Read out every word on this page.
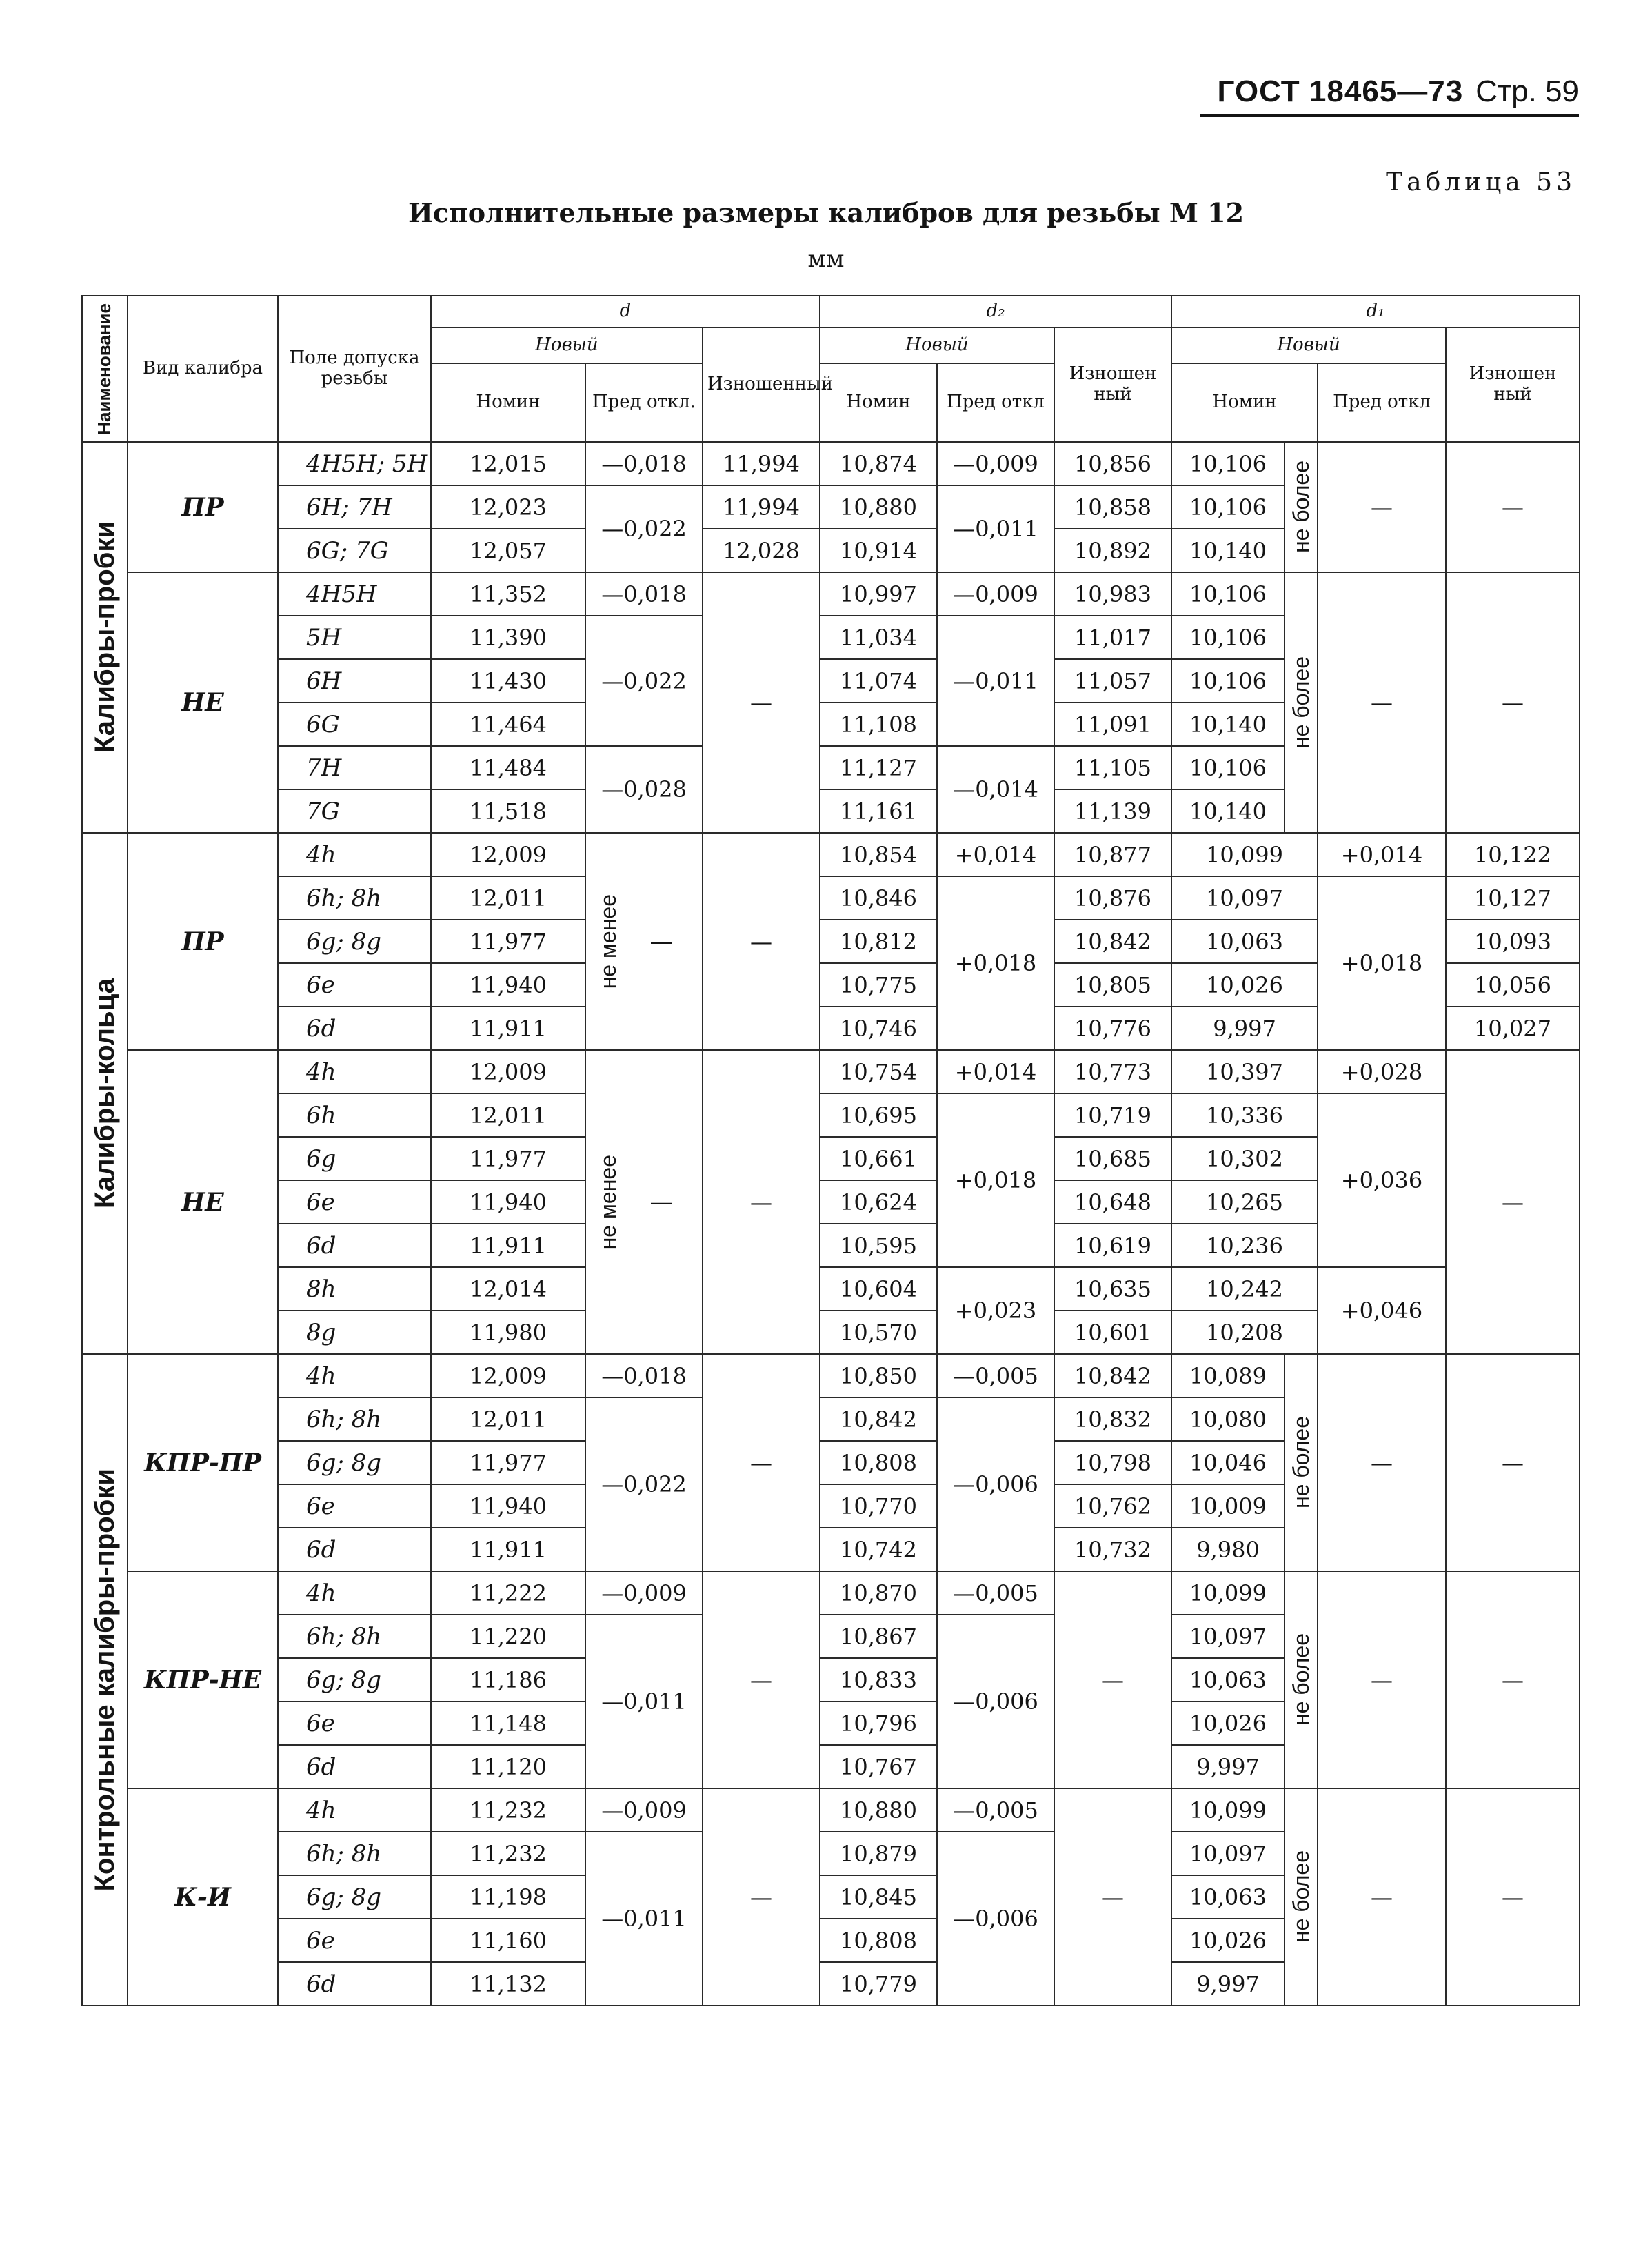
ГОСТ 18465—73 Стр. 59
Таблица 53
Исполнительные размеры калибров для резьбы М 12
мм
Наименование	Вид калибра	Поле допуска резьбы	d			d₂			d₁			
			Новый		Изношенный	Новый		Изношен ный	Новый			Изношен ный
			Номин	Пред откл.		Номин	Пред откл		Номин		Пред откл	

Калибры-пробки	ПР	4H5H; 5H	12,015	—0,018	11,994	10,874	—0,009	10,856	10,106	не более	—	—
		6H; 7H	12,023	—0,022	11,994	10,880	—0,011	10,858	10,106			
		6G; 7G	12,057		12,028	10,914		10,892	10,140			
	НЕ	4H5H	11,352	—0,018	—	10,997	—0,009	10,983	10,106	не более	—	—
		5H	11,390	—0,022		11,034	—0,011	11,017	10,106			
		6H	11,430			11,074		11,057	10,106			
		6G	11,464			11,108		11,091	10,140			
		7H	11,484	—0,028		11,127	—0,014	11,105	10,106			
		7G	11,518			11,161		11,139	10,140			

Калибры-кольца	ПР	4h	12,009	не менее —	—	10,854	+0,014	10,877	10,099		+0,014	10,122
		6h; 8h	12,011			10,846	+0,018	10,876	10,097		+0,018	10,127
		6g; 8g	11,977			10,812		10,842	10,063			10,093
		6e	11,940			10,775		10,805	10,026			10,056
		6d	11,911			10,746		10,776	9,997			10,027
	НЕ	4h	12,009	не менее —	—	10,754	+0,014	10,773	10,397		+0,028	—
		6h	12,011			10,695	+0,018	10,719	10,336		+0,036	
		6g	11,977			10,661		10,685	10,302			
		6e	11,940			10,624		10,648	10,265			
		6d	11,911			10,595		10,619	10,236			
		8h	12,014			10,604	+0,023	10,635	10,242		+0,046	
		8g	11,980			10,570		10,601	10,208			

Контрольные калибры-пробки	КПР-ПР	4h	12,009	—0,018	—	10,850	—0,005	10,842	10,089	не более	—	—
		6h; 8h	12,011	—0,022		10,842	—0,006	10,832	10,080			
		6g; 8g	11,977			10,808		10,798	10,046			
		6e	11,940			10,770		10,762	10,009			
		6d	11,911			10,742		10,732	9,980			
	КПР-НЕ	4h	11,222	—0,009	—	10,870	—0,005	—	10,099	не более	—	—
		6h; 8h	11,220	—0,011		10,867	—0,006		10,097			
		6g; 8g	11,186			10,833			10,063			
		6e	11,148			10,796			10,026			
		6d	11,120			10,767			9,997			
	К-И	4h	11,232	—0,009	—	10,880	—0,005	—	10,099	не более	—	—
		6h; 8h	11,232	—0,011		10,879	—0,006		10,097			
		6g; 8g	11,198			10,845			10,063			
		6e	11,160			10,808			10,026			
		6d	11,132			10,779			9,997			
